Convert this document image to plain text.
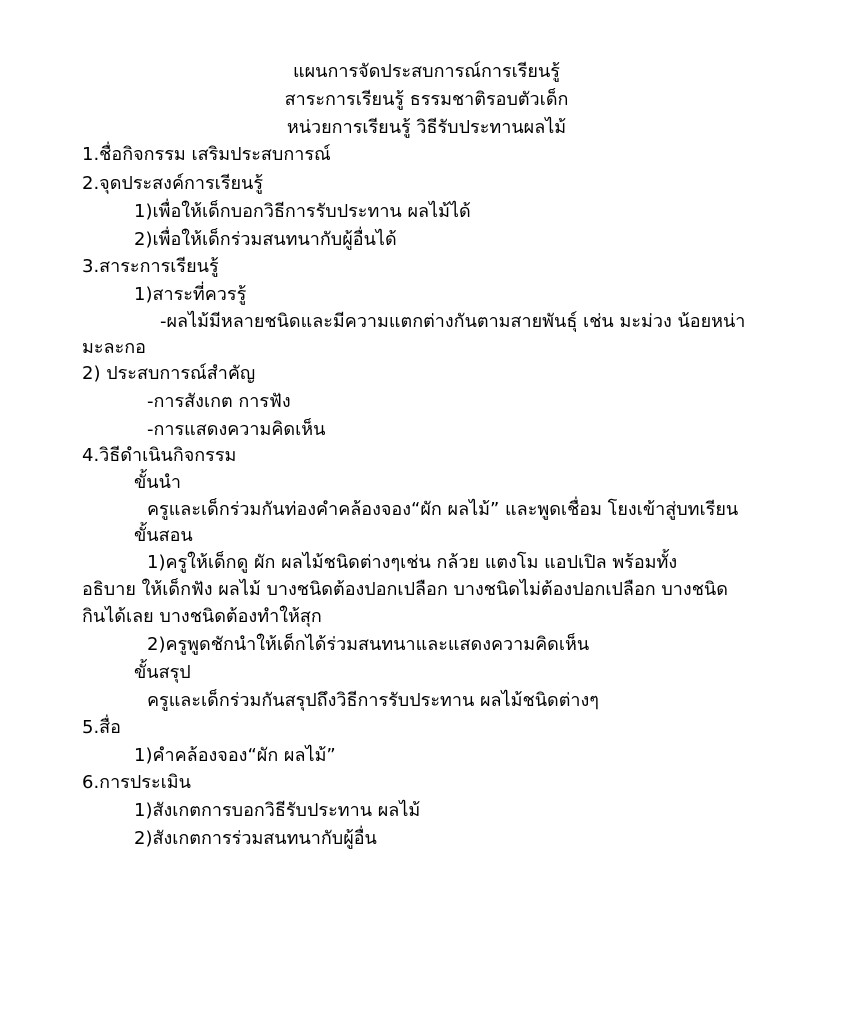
แผนการจัดประสบการณ์การเรียนรู้
สาระการเรียนรู้ ธรรมชาติรอบตัวเด็ก
หน่วยการเรียนรู้ วิธีรับประทานผลไม้
1.ชื่อกิจกรรม เสริมประสบการณ์
2.จุดประสงค์การเรียนรู้
1)เพื่อให้เด็กบอกวิธีการรับประทาน ผลไม้ได้
2)เพื่อให้เด็กร่วมสนทนากับผู้อื่นได้
3.สาระการเรียนรู้
1)สาระที่ควรรู้
-ผลไม้มีหลายชนิดและมีความแตกต่างกันตามสายพันธุ์ เช่น มะม่วง น้อยหน่า
มะละกอ
2) ประสบการณ์สำคัญ
-การสังเกต การฟัง
-การแสดงความคิดเห็น
4.วิธีดำเนินกิจกรรม
ขั้นนำ
ครูและเด็กร่วมกันท่องคำคล้องจอง“ผัก ผลไม้” และพูดเชื่อม โยงเข้าสู่บทเรียน
ขั้นสอน
1)ครูให้เด็กดู ผัก ผลไม้ชนิดต่างๆเช่น กล้วย แตงโม แอปเปิล พร้อมทั้ง
อธิบาย ให้เด็กฟัง ผลไม้ บางชนิดต้องปอกเปลือก บางชนิดไม่ต้องปอกเปลือก บางชนิด
กินได้เลย บางชนิดต้องทำให้สุก
2)ครูพูดชักนำให้เด็กได้ร่วมสนทนาและแสดงความคิดเห็น
ขั้นสรุป
ครูและเด็กร่วมกันสรุปถึงวิธีการรับประทาน ผลไม้ชนิดต่างๆ
5.สื่อ
1)คำคล้องจอง“ผัก ผลไม้”
6.การประเมิน
1)สังเกตการบอกวิธีรับประทาน ผลไม้
2)สังเกตการร่วมสนทนากับผู้อื่น
